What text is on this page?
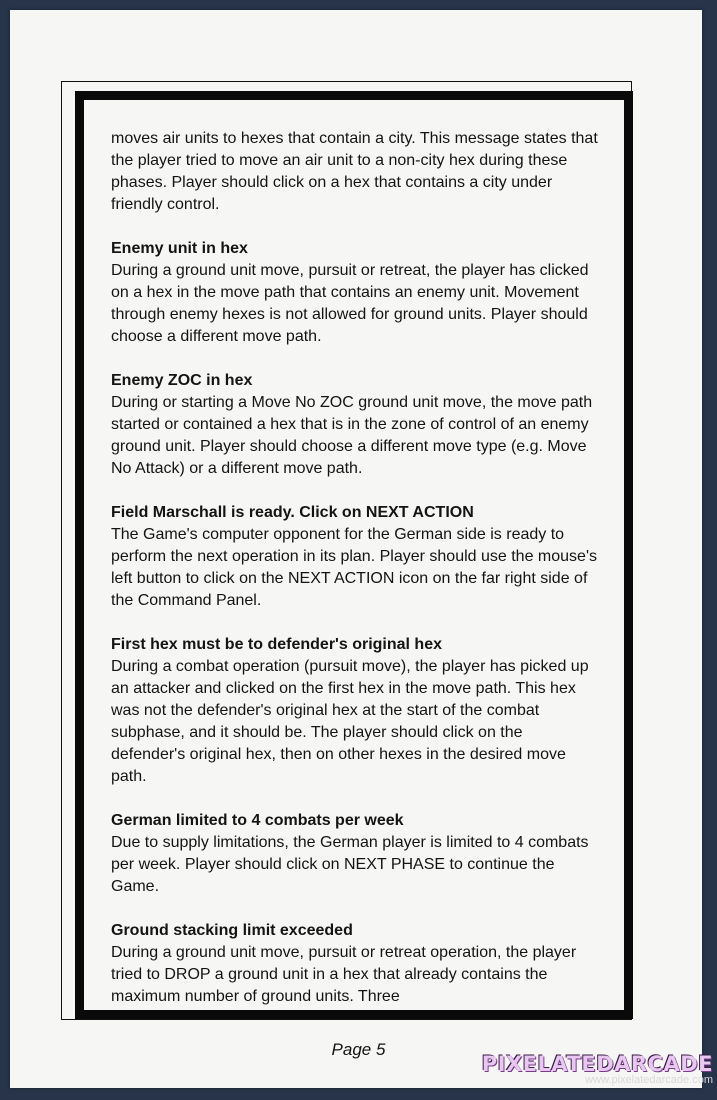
moves air units to hexes that contain a city. This message states that the player tried to move an air unit to a non-city hex during these phases. Player should click on a hex that contains a city under friendly control.

Enemy unit in hex

During a ground unit move, pursuit or retreat, the player has clicked on a hex in the move path that contains an enemy unit. Movement through enemy hexes is not allowed for ground units. Player should choose a different move path.

Enemy ZOC in hex

During or starting a Move No ZOC ground unit move, the move path started or contained a hex that is in the zone of control of an enemy ground unit. Player should choose a different move type (e.g. Move No Attack) or a different move path.

Field Marschall is ready. Click on NEXT ACTION

The Game's computer opponent for the German side is ready to perform the next operation in its plan. Player should use the mouse's left button to click on the NEXT ACTION icon on the far right side of the Command Panel.

First hex must be to defender's original hex

During a combat operation (pursuit move), the player has picked up an attacker and clicked on the first hex in the move path. This hex was not the defender's original hex at the start of the combat subphase, and it should be. The player should click on the defender's original hex, then on other hexes in the desired move path.

German limited to 4 combats per week

Due to supply limitations, the German player is limited to 4 combats per week. Player should click on NEXT PHASE to continue the Game.

Ground stacking limit exceeded

During a ground unit move, pursuit or retreat operation, the player tried to DROP a ground unit in a hex that already contains the maximum number of ground units. Three

Page 5
PIXELATEDARCADE
www.pixelatedarcade.com
